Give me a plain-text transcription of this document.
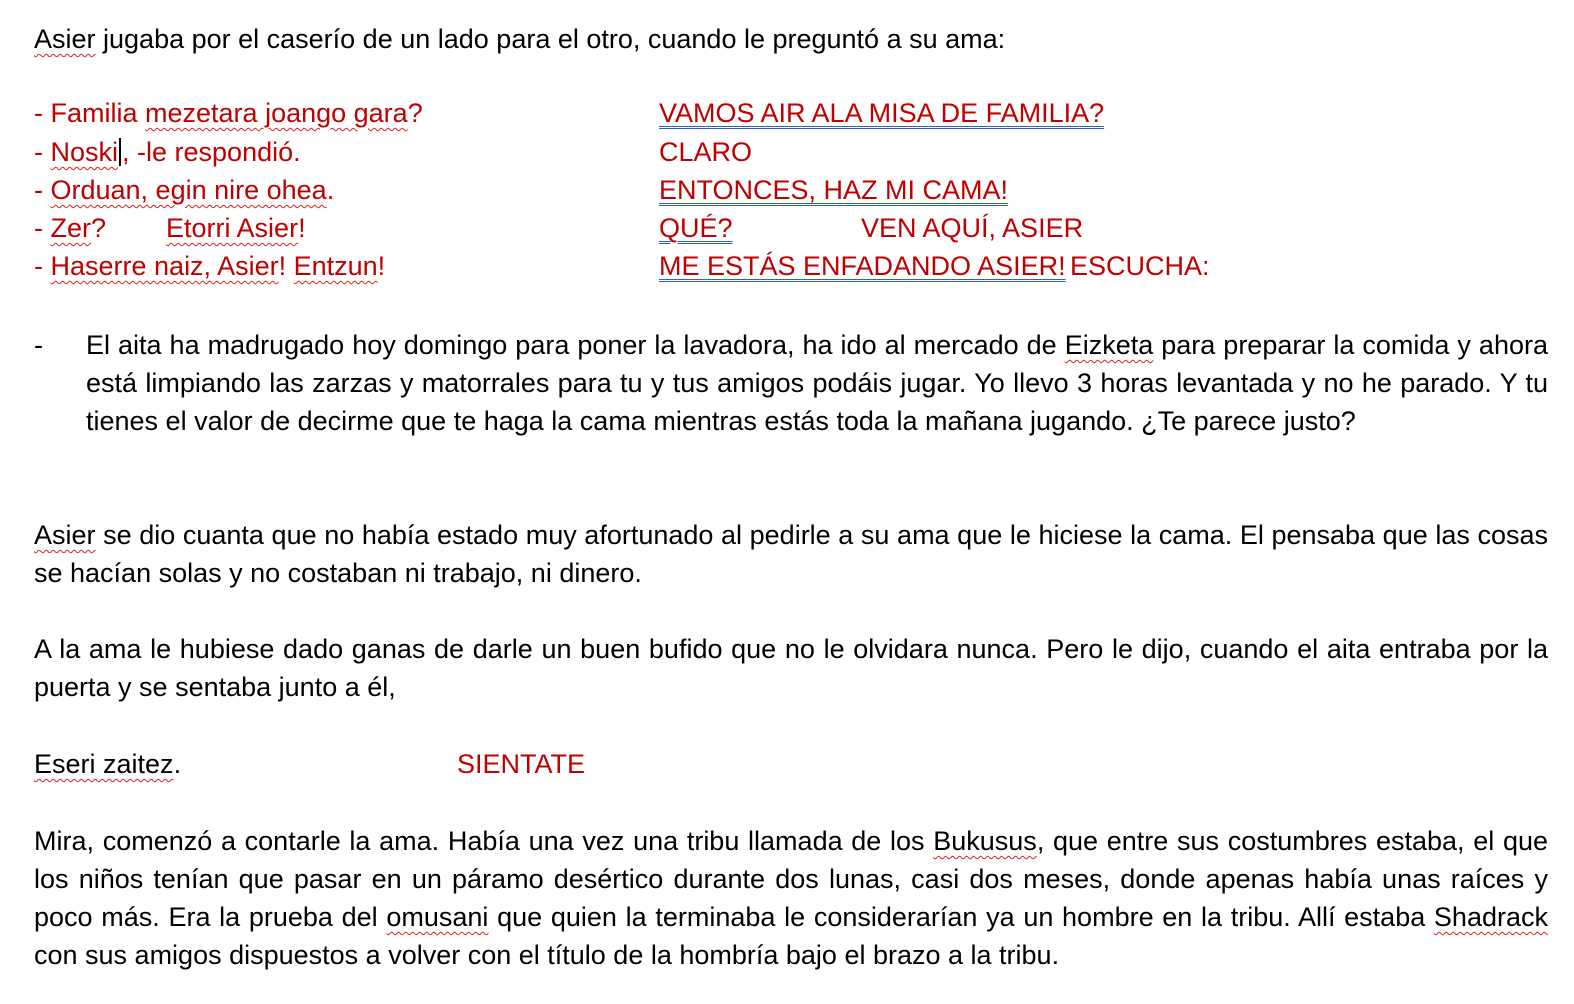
Asier jugaba por el caserío de un lado para el otro, cuando le preguntó a su ama:
- Familia mezetara joango gara?	VAMOS AIR ALA MISA DE FAMILIA?
- Noski , -le respondió.	CLARO
- Orduan, egin nire ohea.	ENTONCES, HAZ MI CAMA!
- Zer?        Etorri Asier!	QUÉ?	VEN AQUÍ, ASIER
- Haserre naiz, Asier! Entzun!	ME ESTÁS ENFADANDO ASIER! ESCUCHA:
- El aita ha madrugado hoy domingo para poner la lavadora, ha ido al mercado de Eizketa para preparar la comida y ahora está limpiando las zarzas y matorrales para tu y tus amigos podáis jugar. Yo llevo 3 horas levantada y no he parado. Y tu tienes el valor de decirme que te haga la cama mientras estás toda la mañana jugando. ¿Te parece justo?
Asier se dio cuanta que no había estado muy afortunado al pedirle a su ama que le hiciese la cama. El pensaba que las cosas se hacían solas y no costaban ni trabajo, ni dinero.
A la ama le hubiese dado ganas de darle un buen bufido que no le olvidara nunca. Pero le dijo, cuando el aita entraba por la puerta y se sentaba junto a él,
Eseri zaitez.	SIENTATE
Mira, comenzó a contarle la ama. Había una vez una tribu llamada de los Bukusus, que entre sus costumbres estaba, el que los niños tenían que pasar en un páramo desértico durante dos lunas, casi dos meses, donde apenas había unas raíces y poco más. Era la prueba del omusani que quien la terminaba le considerarían ya un hombre en la tribu. Allí estaba Shadrack con sus amigos dispuestos a volver con el título de la hombría bajo el brazo a la tribu.
